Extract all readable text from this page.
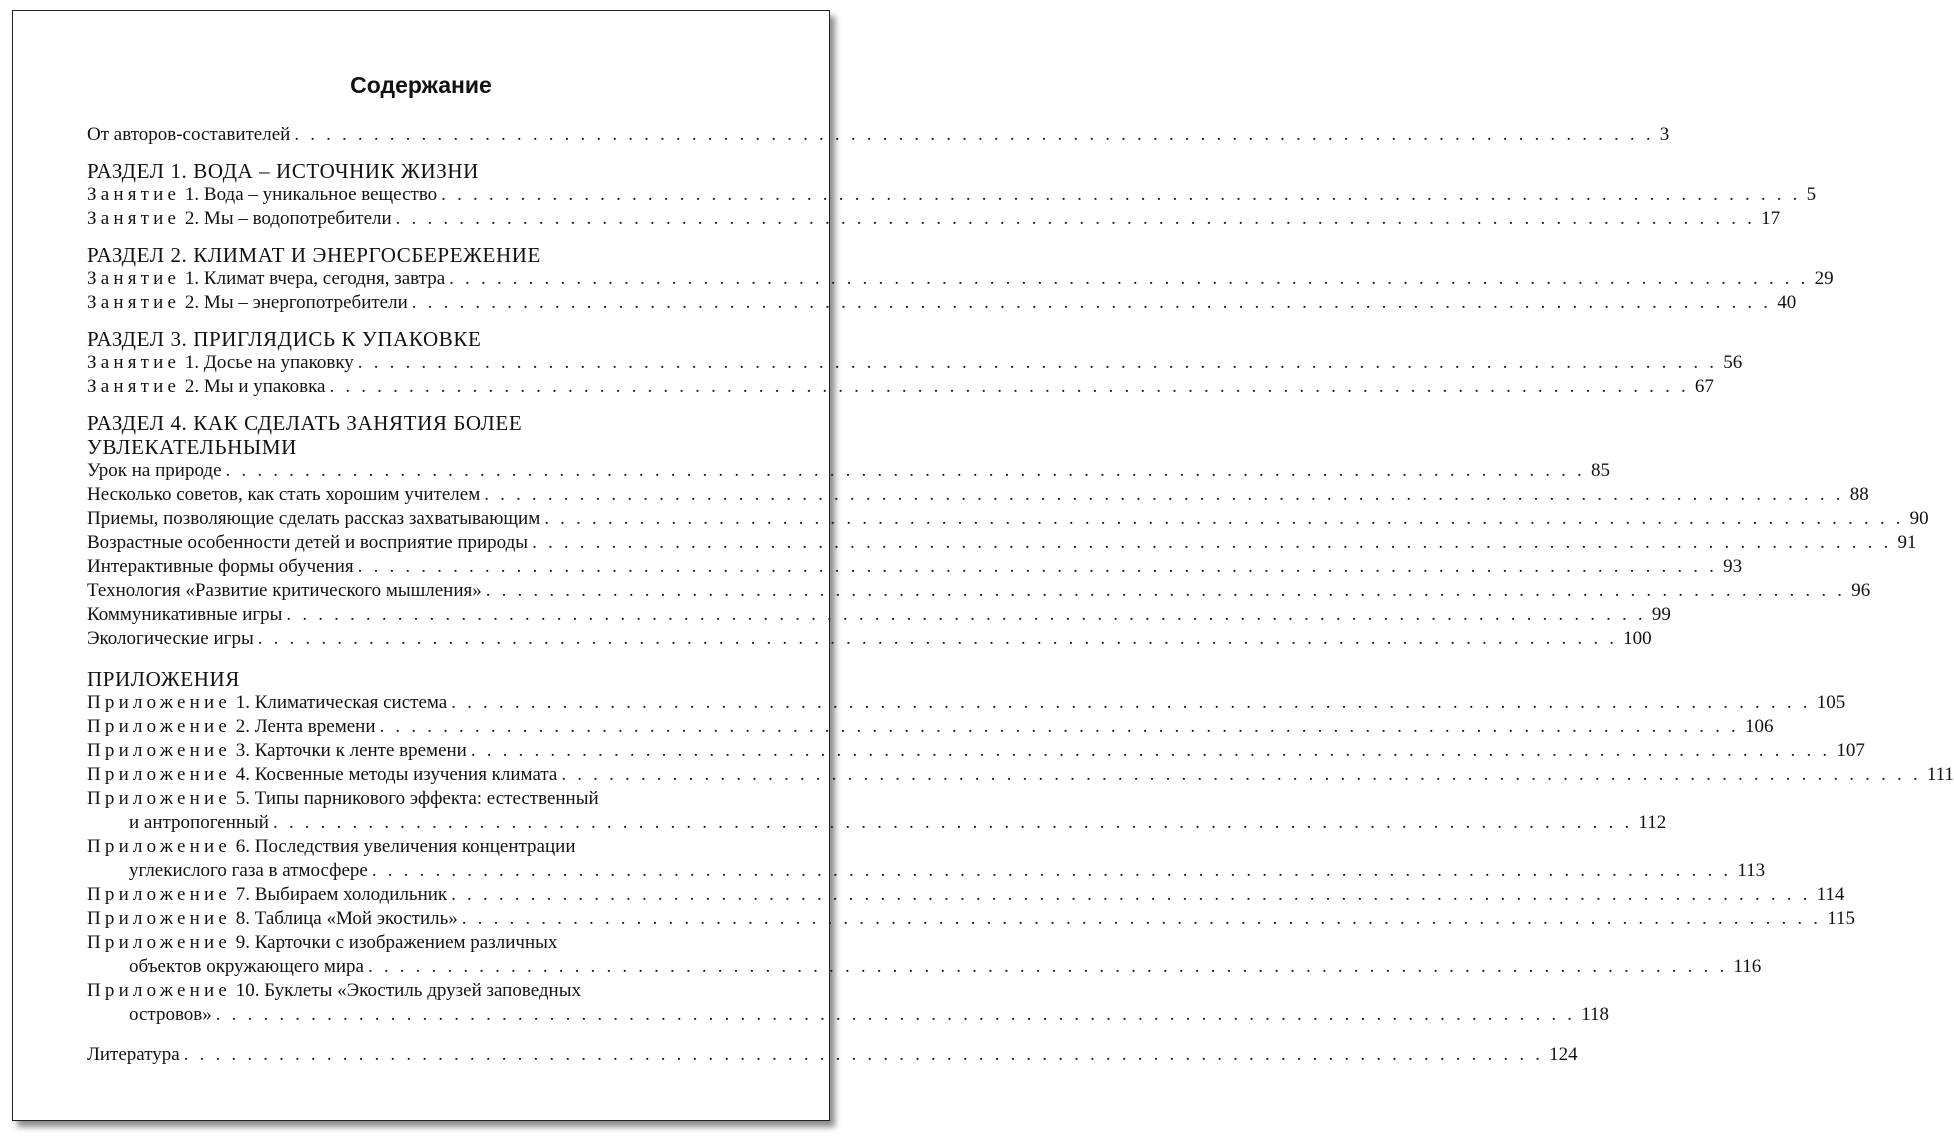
Содержание
От авторов-составителей . . . . . . . . . . . . . . . . . . . . . . . . . . . . . . . . . . . . . . . . . . . . . . . . . . . . . . . . . . . . . . . . . . . . . . . . . . . . . . . . . . . . . . 3
РАЗДЕЛ 1. ВОДА – ИСТОЧНИК ЖИЗНИ
Занятие 1. Вода – уникальное вещество . . . . . . . . . . . . . . . . . . . . . . . . . . . . . . . . . . . . . . . . . . . . . . . . . . . . . . . . . . . . . . . . . . . . . . . . . . . . . . . . . . . . . . 5
Занятие 2. Мы – водопотребители . . . . . . . . . . . . . . . . . . . . . . . . . . . . . . . . . . . . . . . . . . . . . . . . . . . . . . . . . . . . . . . . . . . . . . . . . . . . . . . . . . . . . . 17
РАЗДЕЛ 2. КЛИМАТ И ЭНЕРГОСБЕРЕЖЕНИЕ
Занятие 1. Климат вчера, сегодня, завтра . . . . . . . . . . . . . . . . . . . . . . . . . . . . . . . . . . . . . . . . . . . . . . . . . . . . . . . . . . . . . . . . . . . . . . . . . . . . . . . . . . . . . . 29
Занятие 2. Мы – энергопотребители . . . . . . . . . . . . . . . . . . . . . . . . . . . . . . . . . . . . . . . . . . . . . . . . . . . . . . . . . . . . . . . . . . . . . . . . . . . . . . . . . . . . . . 40
РАЗДЕЛ 3. ПРИГЛЯДИСЬ К УПАКОВКЕ
Занятие 1. Досье на упаковку . . . . . . . . . . . . . . . . . . . . . . . . . . . . . . . . . . . . . . . . . . . . . . . . . . . . . . . . . . . . . . . . . . . . . . . . . . . . . . . . . . . . . . 56
Занятие 2. Мы и упаковка . . . . . . . . . . . . . . . . . . . . . . . . . . . . . . . . . . . . . . . . . . . . . . . . . . . . . . . . . . . . . . . . . . . . . . . . . . . . . . . . . . . . . . 67
РАЗДЕЛ 4. КАК СДЕЛАТЬ ЗАНЯТИЯ БОЛЕЕ
УВЛЕКАТЕЛЬНЫМИ
Урок на природе . . . . . . . . . . . . . . . . . . . . . . . . . . . . . . . . . . . . . . . . . . . . . . . . . . . . . . . . . . . . . . . . . . . . . . . . . . . . . . . . . . . . . . 85
Несколько советов, как стать хорошим учителем . . . . . . . . . . . . . . . . . . . . . . . . . . . . . . . . . . . . . . . . . . . . . . . . . . . . . . . . . . . . . . . . . . . . . . . . . . . . . . . . . . . . . . 88
Приемы, позволяющие сделать рассказ захватывающим . . . . . . . . . . . . . . . . . . . . . . . . . . . . . . . . . . . . . . . . . . . . . . . . . . . . . . . . . . . . . . . . . . . . . . . . . . . . . . . . . . . . . . 90
Возрастные особенности детей и восприятие природы . . . . . . . . . . . . . . . . . . . . . . . . . . . . . . . . . . . . . . . . . . . . . . . . . . . . . . . . . . . . . . . . . . . . . . . . . . . . . . . . . . . . . . 91
Интерактивные формы обучения . . . . . . . . . . . . . . . . . . . . . . . . . . . . . . . . . . . . . . . . . . . . . . . . . . . . . . . . . . . . . . . . . . . . . . . . . . . . . . . . . . . . . . 93
Технология «Развитие критического мышления» . . . . . . . . . . . . . . . . . . . . . . . . . . . . . . . . . . . . . . . . . . . . . . . . . . . . . . . . . . . . . . . . . . . . . . . . . . . . . . . . . . . . . . 96
Коммуникативные игры . . . . . . . . . . . . . . . . . . . . . . . . . . . . . . . . . . . . . . . . . . . . . . . . . . . . . . . . . . . . . . . . . . . . . . . . . . . . . . . . . . . . . . 99
Экологические игры . . . . . . . . . . . . . . . . . . . . . . . . . . . . . . . . . . . . . . . . . . . . . . . . . . . . . . . . . . . . . . . . . . . . . . . . . . . . . . . . . . . . . . 100
ПРИЛОЖЕНИЯ
Приложение 1. Климатическая система . . . . . . . . . . . . . . . . . . . . . . . . . . . . . . . . . . . . . . . . . . . . . . . . . . . . . . . . . . . . . . . . . . . . . . . . . . . . . . . . . . . . . . 105
Приложение 2. Лента времени . . . . . . . . . . . . . . . . . . . . . . . . . . . . . . . . . . . . . . . . . . . . . . . . . . . . . . . . . . . . . . . . . . . . . . . . . . . . . . . . . . . . . . 106
Приложение 3. Карточки к ленте времени . . . . . . . . . . . . . . . . . . . . . . . . . . . . . . . . . . . . . . . . . . . . . . . . . . . . . . . . . . . . . . . . . . . . . . . . . . . . . . . . . . . . . . 107
Приложение 4. Косвенные методы изучения климата . . . . . . . . . . . . . . . . . . . . . . . . . . . . . . . . . . . . . . . . . . . . . . . . . . . . . . . . . . . . . . . . . . . . . . . . . . . . . . . . . . . . . . 111
Приложение 5. Типы парникового эффекта: естественный
и антропогенный . . . . . . . . . . . . . . . . . . . . . . . . . . . . . . . . . . . . . . . . . . . . . . . . . . . . . . . . . . . . . . . . . . . . . . . . . . . . . . . . . . . . . . 112
Приложение 6. Последствия увеличения концентрации
углекислого газа в атмосфере . . . . . . . . . . . . . . . . . . . . . . . . . . . . . . . . . . . . . . . . . . . . . . . . . . . . . . . . . . . . . . . . . . . . . . . . . . . . . . . . . . . . . . 113
Приложение 7. Выбираем холодильник . . . . . . . . . . . . . . . . . . . . . . . . . . . . . . . . . . . . . . . . . . . . . . . . . . . . . . . . . . . . . . . . . . . . . . . . . . . . . . . . . . . . . . 114
Приложение 8. Таблица «Мой экостиль» . . . . . . . . . . . . . . . . . . . . . . . . . . . . . . . . . . . . . . . . . . . . . . . . . . . . . . . . . . . . . . . . . . . . . . . . . . . . . . . . . . . . . . 115
Приложение 9. Карточки с изображением различных
объектов окружающего мира . . . . . . . . . . . . . . . . . . . . . . . . . . . . . . . . . . . . . . . . . . . . . . . . . . . . . . . . . . . . . . . . . . . . . . . . . . . . . . . . . . . . . . 116
Приложение 10. Буклеты «Экостиль друзей заповедных
островов» . . . . . . . . . . . . . . . . . . . . . . . . . . . . . . . . . . . . . . . . . . . . . . . . . . . . . . . . . . . . . . . . . . . . . . . . . . . . . . . . . . . . . . 118
Литература . . . . . . . . . . . . . . . . . . . . . . . . . . . . . . . . . . . . . . . . . . . . . . . . . . . . . . . . . . . . . . . . . . . . . . . . . . . . . . . . . . . . . . 124
